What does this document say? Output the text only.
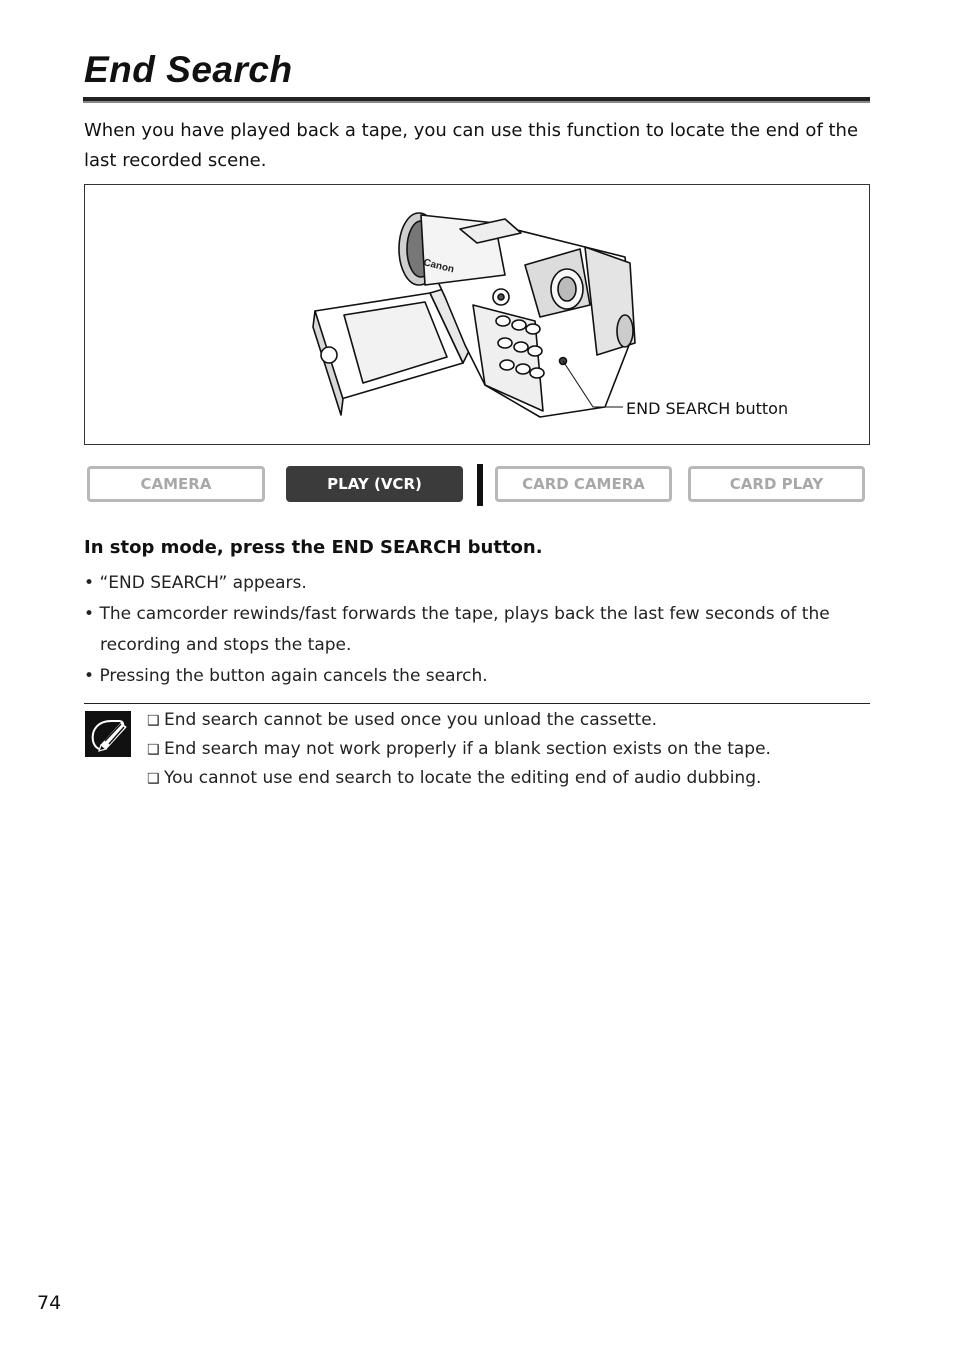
End Search

When you have played back a tape, you can use this function to locate the end of the last recorded scene.

Canon
END SEARCH button
CAMERA	PLAY (VCR)	CARD CAMERA	CARD PLAY
In stop mode, press the END SEARCH button.
• “END SEARCH” appears.
• The camcorder rewinds/fast forwards the tape, plays back the last few seconds of the recording and stops the tape.
• Pressing the button again cancels the search.
❑ End search cannot be used once you unload the cassette.
❑ End search may not work properly if a blank section exists on the tape.
❑ You cannot use end search to locate the editing end of audio dubbing.
74
